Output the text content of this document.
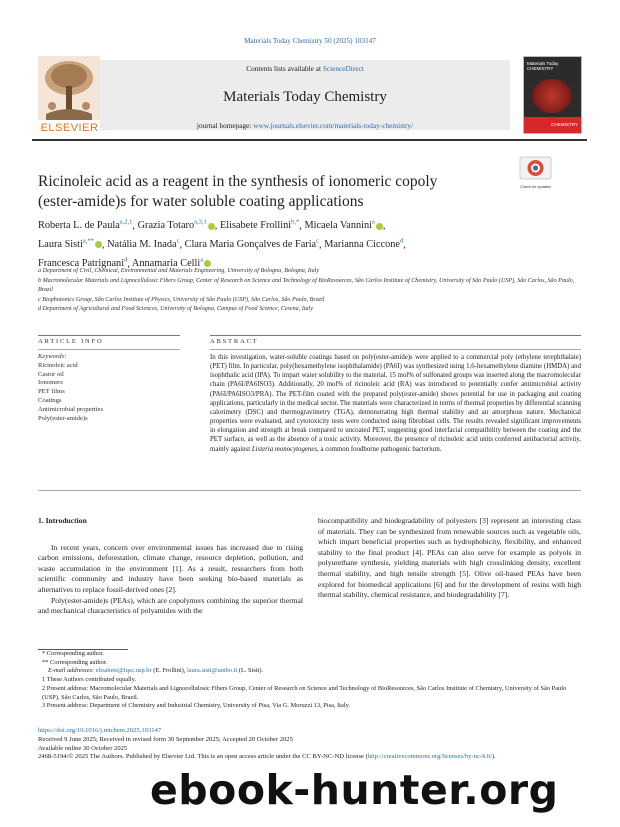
Materials Today Chemistry 50 (2025) 103147
Contents lists available at ScienceDirect
Materials Today Chemistry
journal homepage: www.journals.elsevier.com/materials-today-chemistry/
ELSEVIER
Materials Today CHEMISTRY
CHEMISTRY
Ricinoleic acid as a reagent in the synthesis of ionomeric copoly
(ester-amide)s for water soluble coating applications
Check for updates
Roberta L. de Paula$^{a,2,1}$, Grazia Totaro$^{a,3,1}$ , Elisabete Frollini$^{b,*}$, Micaela Vannini$^a$ ,
Laura Sisti$^{a,**}$ , Natália M. Inada$^c$, Clara Maria Gonçalves de Faria$^c$, Marianna Ciccone$^d$,
Francesca Patrignani$^d$, Annamaria Celli$^a$
a Department of Civil, Chemical, Environmental and Materials Engineering, University of Bologna, Bologna, Italy
b Macromolecular Materials and Lignocellulosic Fibers Group, Center of Research on Science and Technology of BioResources, São Carlos Institute of Chemistry, University of São Paulo (USP), São Carlos, São Paulo, Brazil
c Biophotonics Group, São Carlos Institute of Physics, University of São Paulo (USP), São Carlos, São Paulo, Brazil
d Department of Agricultural and Food Sciences, University of Bologna, Campus of Food Science, Cesena, Italy
ARTICLE INFO	ABSTRACT
Keywords:
Ricinoleic acid
Castor oil
Ionomers
PET films
Coatings
Antimicrobial properties
Poly(ester-amide)s
In this investigation, water-soluble coatings based on poly(ester-amide)s were applied to a commercial poly (ethylene terephthalate) (PET) film. In particular, poly(hexamethylene isophthalamide) (PA6I) was synthesized using 1,6-hexamethylene diamine (HMDA) and isophthalic acid (IPA). To impart water solubility to the material, 15 mol% of sulfonated groups was inserted along the macromolecular chain (PA6I/PA6ISO3). Additionally, 20 mol% of ricinoleic acid (RA) was introduced to potentially confer antimicrobial activity (PA6I/PA6ISO3/PRA). The PET-film coated with the prepared poly(ester-amide) shows potential for use in packaging and coating applications, particularly in the medical sector. The materials were characterized in terms of thermal properties by differential scanning calorimetry (DSC) and thermogravimetry (TGA), demonstrating high thermal stability and an amorphous nature. Mechanical properties were evaluated, and cytotoxicity tests were conducted using fibroblast cells. The results revealed significant improvements in elongation and strength at break compared to uncoated PET, suggesting good interfacial compatibility between the coating and the PET surface, as well as the absence of a toxic activity. Moreover, the presence of ricinoleic acid units conferred antibacterial activity, mainly against Listeria monocytogenes, a common foodborne pathogenic bacterium.

1. Introduction

In recent years, concern over environmental issues has increased due to rising carbon emissions, deforestation, climate change, resource depletion, pollution, and waste accumulation in the environment [1]. As a result, researchers from both scientific community and industry have been seeking bio-based materials as alternatives to replace fossil-derived ones [2].

Poly(ester-amide)s (PEAs), which are copolymers combining the superior thermal and mechanical characteristics of polyamides with the

biocompatibility and biodegradability of polyesters [3] represent an interesting class of materials. They can be synthesized from renewable sources such as vegetable oils, which impart beneficial properties such as hydrophobicity, flexibility, and enhanced stability to the final product [4]. PEAs can also serve for example as polyols in polyurethane synthesis, yielding materials with high crosslinking density, excellent thermal stability, and high tensile strength [5]. Olive oil-based PEAs have been explored for biomedical applications [6] and for the development of resins with high thermal stability, chemical resistance, and biodegradability [7].

* Corresponding author.
** Corresponding author.
E-mail addresses: elisabete@iqsc.usp.br (E. Frollini), laura.sisti@unibo.it (L. Sisti).
1 These Authors contributed equally.
2 Present address: Macromolecular Materials and Lignocellulosic Fibers Group, Center of Research on Science and Technology of BioResources, São Carlos Institute of Chemistry, University of São Paulo (USP), São Carlos, São Paulo, Brazil.
3 Present address: Department of Chemistry and Industrial Chemistry, University of Pisa, Via G. Moruzzi 13, Pisa, Italy.
https://doi.org/10.1016/j.mtchem.2025.103147
Received 9 June 2025; Received in revised form 30 September 2025; Accepted 20 October 2025
Available online 30 October 2025
2468-5194/© 2025 The Authors. Published by Elsevier Ltd. This is an open access article under the CC BY-NC-ND license (http://creativecommons.org/licenses/by-nc/4.0/).
ebook-hunter.org
